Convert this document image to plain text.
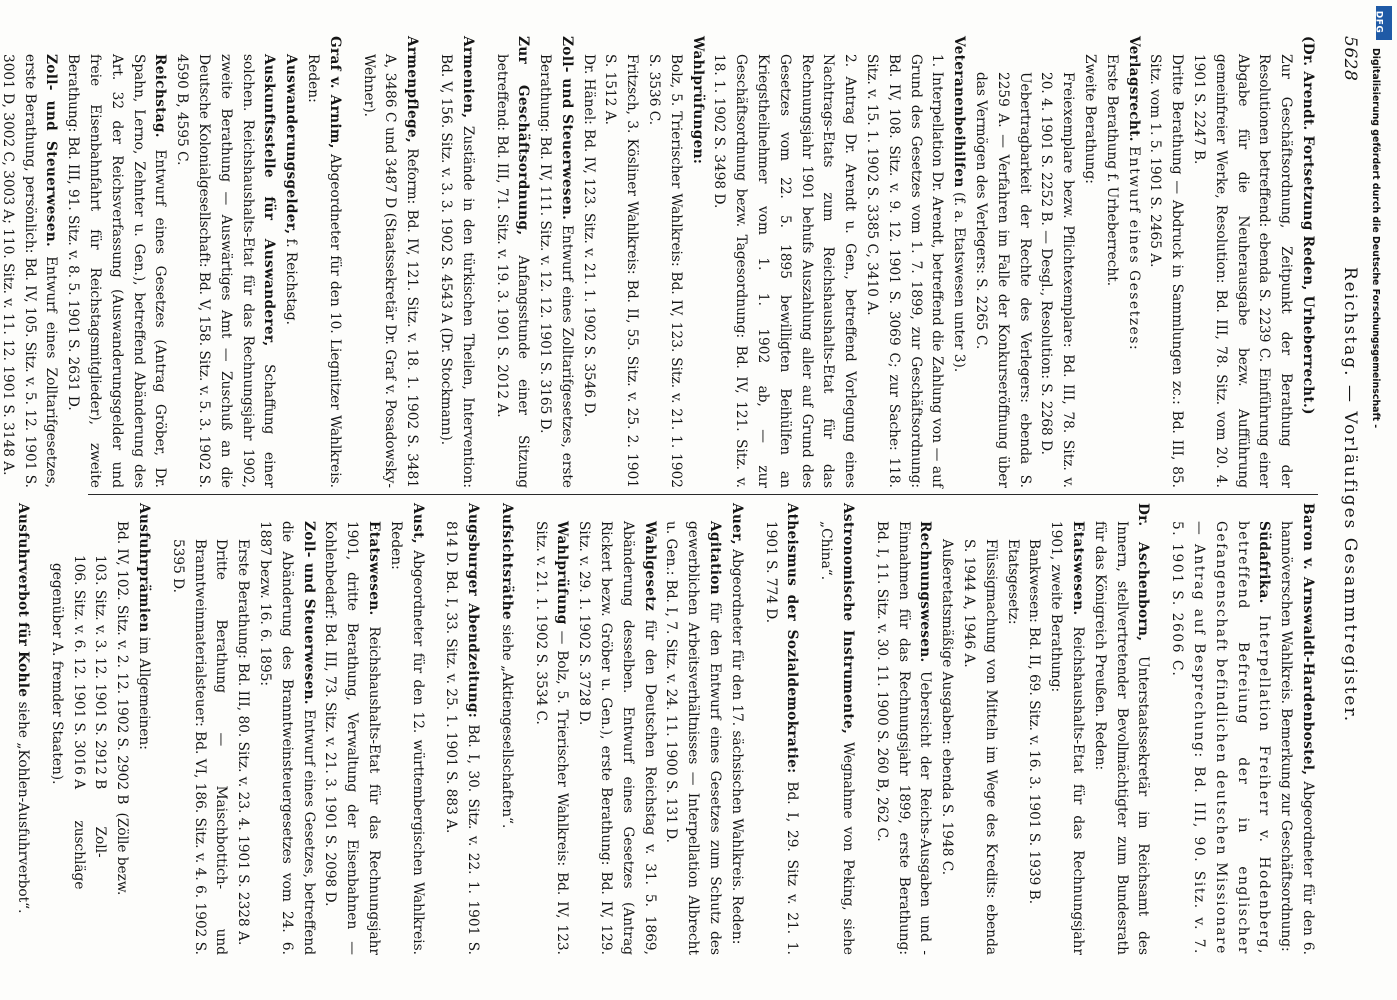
5628
Reichstag. — Vorläufiges Gesammtregister.

(Dr. Arendt. Fortsetzung Reden, Urheberrecht.)

Zur Geschäftsordnung, Zeitpunkt der Berathung der Resolutionen betreffend: ebenda S. 2239 C. Einführung einer Abgabe für die Neuherausgabe bezw. Aufführung gemeinfreier Werke, Resolution: Bd. III, 78. Sitz. vom 20. 4. 1901 S. 2247 B.

Dritte Berathung — Abdruck in Sammlungen zc.: Bd. III, 85. Sitz. vom 1. 5. 1901 S. 2465 A.

Verlagsrecht. Entwurf eines Gesetzes:

Erste Berathung f. Urheberrecht.

Zweite Berathung:

Freiexemplare bezw. Pflichtexemplare: Bd. III, 78. Sitz. v. 20. 4. 1901 S. 2252 B. — Desgl., Resolution: S. 2268 D.

Uebertragbarkeit der Rechte des Verlegers: ebenda S. 2259 A. — Verfahren im Falle der Konkurseröffnung über das Vermögen des Verlegers: S. 2265 C.

Veteranenbeihilfen (f. a. Etatswesen unter 3).

1. Interpellation Dr. Arendt, betreffend die Zahlung von — auf Grund des Gesetzes vom 1. 7. 1899, zur Geschäftsordnung: Bd. IV, 108. Sitz. v. 9. 12. 1901 S. 3069 C; zur Sache: 118. Sitz. v. 15. 1. 1902 S. 3385 C, 3410 A.

2. Antrag Dr. Arendt u. Gen., betreffend Vorlegung eines Nachtrags-Etats zum Reichshaushalts-Etat für das Rechnungsjahr 1901 behufs Auszahlung aller auf Grund des Gesetzes vom 22. 5. 1895 bewilligten Beihülfen an Kriegstheilnehmer vom 1. 1. 1902 ab, — zur Geschäftsordnung bezw. Tagesordnung: Bd. IV, 121. Sitz. v. 18. 1. 1902 S. 3498 D.

Wahlprüfungen:

Bolz, 5. Trierischer Wahlkreis: Bd. IV, 123. Sitz. v. 21. 1. 1902 S. 3536 C.

Fritzsch, 3. Kösliner Wahlkreis: Bd. II, 55. Sitz. v. 25. 2. 1901 S. 1512 A.

Dr. Hänel: Bd. IV, 123. Sitz. v. 21. 1. 1902 S. 3546 D.

Zoll- und Steuerwesen. Entwurf eines Zolltarifgesetzes, erste Berathung: Bd. IV, 111. Sitz. v. 12. 12. 1901 S. 3165 D.

Zur Geschäftsordnung, Anfangsstunde einer Sitzung betreffend: Bd. III, 71. Sitz. v. 19. 3. 1901 S. 2012 A.

Armenien, Zustände in den türkischen Theilen, Intervention: Bd. V, 156. Sitz. v. 3. 3. 1902 S. 4543 A (Dr. Stockmann).

Armenpflege, Reform: Bd. IV, 121. Sitz. v. 18. 1. 1902 S. 3481 A, 3486 C und 3487 D (Staatssekretär Dr. Graf v. Posadowsky-Wehner).

Graf v. Arnim, Abgeordneter für den 10. Liegnitzer Wahlkreis. Reden:

Auswanderungsgelder, f. Reichstag.

Auskunftsstelle für Auswanderer, Schaffung einer solchen. Reichshaushalts-Etat für das Rechnungsjahr 1902, zweite Berathung — Auswärtiges Amt — Zuschuß an die Deutsche Kolonialgesellschaft: Bd. V, 158. Sitz. v. 5. 3. 1902 S. 4590 B, 4595 C.

Reichstag. Entwurf eines Gesetzes (Antrag Gröber, Dr. Spahn, Lerno, Zehnter u. Gen.), betreffend Abänderung des Art. 32 der Reichsverfassung (Auswanderungsgelder und freie Eisenbahnfahrt für Reichstagsmitglieder), zweite Berathung: Bd. III, 91. Sitz. v. 8. 5. 1901 S. 2631 D.

Zoll- und Steuerwesen. Entwurf eines Zolltarifgesetzes, erste Berathung, persönlich: Bd. IV, 105. Sitz. v. 5. 12. 1901 S. 3001 D, 3002 C, 3003 A; 110. Sitz. v. 11. 12. 1901 S. 3148 A.

Baron v. Arnswaldt-Hardenbostel, Abgeordneter für den 6. hannöverschen Wahlkreis. Bemerkung zur Geschäftsordnung:

Südafrika. Interpellation Freiherr v. Hodenberg, betreffend Befreiung der in englischer Gefangenschaft befindlichen deutschen Missionare — Antrag auf Besprechung: Bd. III, 90. Sitz. v. 7. 5. 1901 S. 2606 C.

Dr. Aschenborn, Unterstaatssekretär im Reichsamt des Innern, stellvertretender Bevollmächtigter zum Bundesrath für das Königreich Preußen. Reden:

Etatswesen. Reichshaushalts-Etat für das Rechnungsjahr 1901, zweite Berathung:

Bankwesen: Bd. II, 69. Sitz. v. 16. 3. 1901 S. 1939 B.

Etatsgesetz:

Flüssigmachung von Mitteln im Wege des Kredits: ebenda S. 1944 A, 1946 A.

Außeretatsmäßige Ausgaben: ebenda S. 1948 C.

Rechnungswesen. Uebersicht der Reichs-Ausgaben und -Einnahmen für das Rechnungsjahr 1899, erste Berathung: Bd. I, 11. Sitz. v. 30. 11. 1900 S. 260 B, 262 C.

Astronomische Instrumente, Wegnahme von Peking, siehe „China“.

Atheismus der Sozialdemokratie: Bd. I, 29. Sitz v. 21. 1. 1901 S. 774 D.

Auer, Abgeordneter für den 17. sächsischen Wahlkreis. Reden:

Agitation für den Entwurf eines Gesetzes zum Schutz des gewerblichen Arbeitsverhältnisses — Interpellation Albrecht u. Gen.: Bd. I, 7. Sitz. v. 24. 11. 1900 S. 131 D.

Wahlgesetz für den Deutschen Reichstag v. 31. 5. 1869, Abänderung desselben. Entwurf eines Gesetzes (Antrag Rickert bezw. Gröber u. Gen.), erste Berathung: Bd. IV, 129. Sitz. v. 29. 1. 1902 S. 3728 D.

Wahlprüfung — Bolz, 5. Trierischer Wahlkreis: Bd. IV, 123. Sitz. v. 21. 1. 1902 S. 3534 C.

Aufsichtsräthe siehe „Aktiengesellschaften“.

Augsburger Abendzeitung: Bd. I, 30. Sitz. v. 22. 1. 1901 S. 814 D. Bd. I, 33. Sitz. v. 25. 1. 1901 S. 883 A.

Aust, Abgeordneter für den 12. württembergischen Wahlkreis. Reden:

Etatswesen. Reichshaushalts-Etat für das Rechnungsjahr 1901, dritte Berathung, Verwaltung der Eisenbahnen — Kohlenbedarf: Bd. III, 73. Sitz. v. 21. 3. 1901 S. 2098 D.

Zoll- und Steuerwesen. Entwurf eines Gesetzes, betreffend die Abänderung des Branntweinsteuergesetzes vom 24. 6. 1887 bezw. 16. 6. 1895:

Erste Berathung: Bd. III, 80. Sitz. v. 23. 4. 1901 S. 2328 A.

Dritte Berathung — Maischbottich- und Branntweinmaterialsteuer: Bd. VI, 186. Sitz. v. 4. 6. 1902 S. 5395 D.

Ausfuhrprämien im Allgemeinen:

Bd. IV, 102. Sitz. v. 2. 12. 1902 S. 2902 B
103. Sitz. v. 3. 12. 1901 S. 2912 B
106. Sitz. v. 6. 12. 1901 S. 3016 A
(Zölle bezw.
Zoll-
zuschläge

gegenüber A. fremder Staaten).

Ausfuhrverbot für Kohle siehe „Kohlen-Ausfuhrverbot“.

DFG
Digitalisierung gefördert durch die Deutsche Forschungsgemeinschaft -
